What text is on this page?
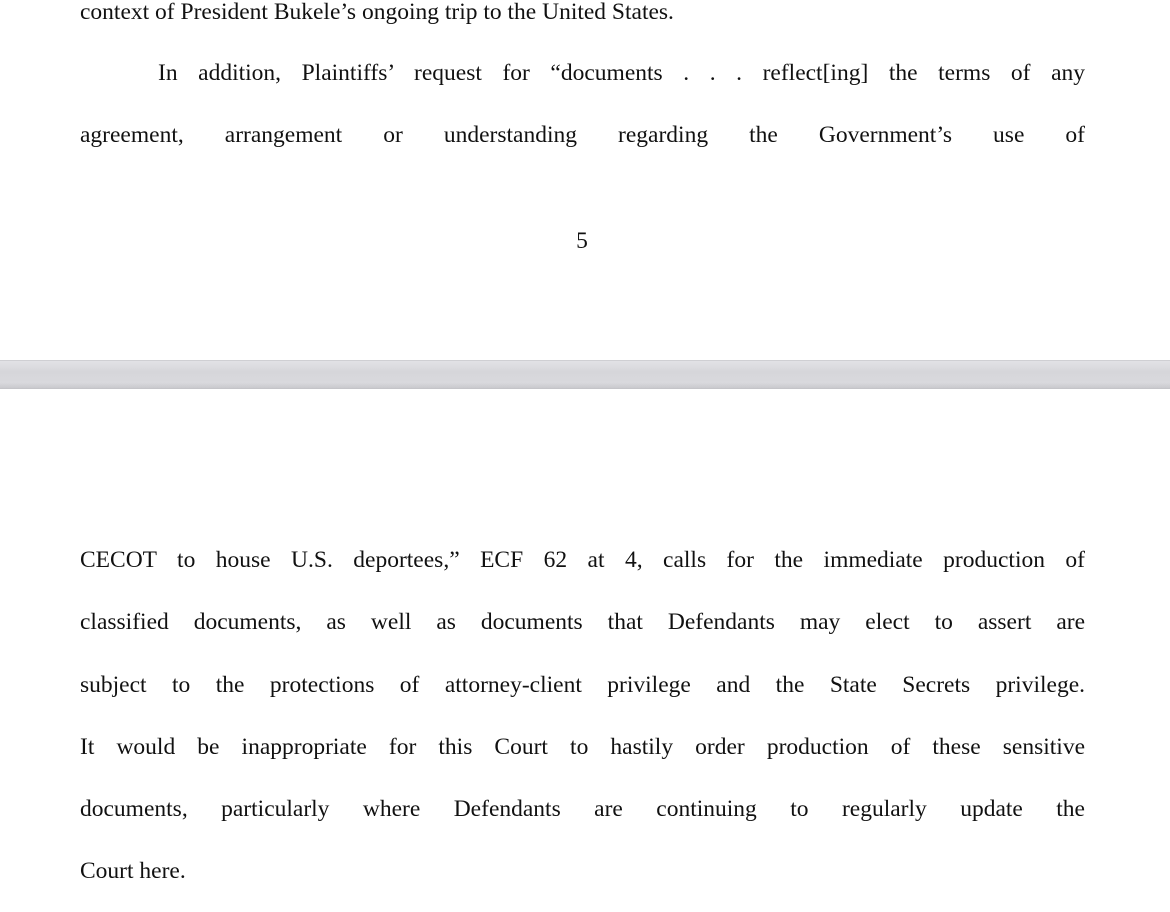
context of President Bukele’s ongoing trip to the United States.
In addition, Plaintiffs’ request for “documents . . . reflect[ing] the terms of any
agreement, arrangement or understanding regarding the Government’s use of
5
CECOT to house U.S. deportees,” ECF 62 at 4, calls for the immediate production of
classified documents, as well as documents that Defendants may elect to assert are
subject to the protections of attorney-client privilege and the State Secrets privilege.
It would be inappropriate for this Court to hastily order production of these sensitive
documents, particularly where Defendants are continuing to regularly update the
Court here.
